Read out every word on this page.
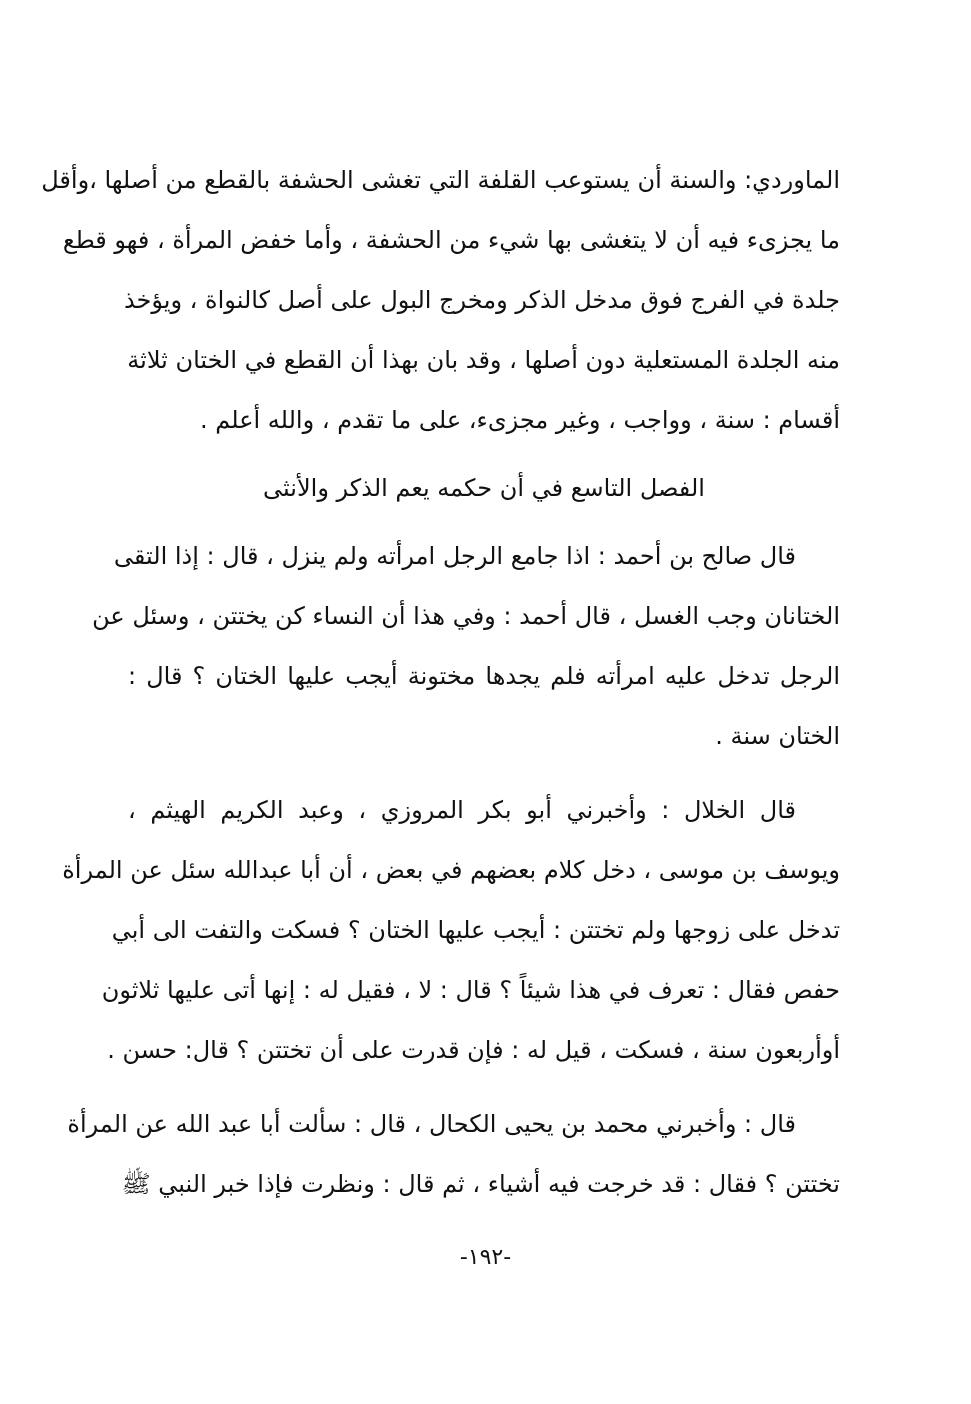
الماوردي: والسنة أن يستوعب القلفة التي تغشى الحشفة بالقطع من أصلها ،وأقل
ما يجزىء فيه أن لا يتغشى بها شيء من الحشفة ، وأما خفض المرأة ، فهو قطع
جلدة في الفرج فوق مدخل الذكر ومخرج البول على أصل كالنواة ، ويؤخذ
منه الجلدة المستعلية دون أصلها ، وقد بان بهذا أن القطع في الختان ثلاثة
أقسام : سنة ، وواجب ، وغير مجزىء، على ما تقدم ، والله أعلم .
الفصل التاسع في أن حكمه يعم الذكر والأنثى
قال صالح بن أحمد : اذا جامع الرجل امرأته ولم ينزل ، قال : إذا التقى
الختانان وجب الغسل ، قال أحمد : وفي هذا أن النساء كن يختتن ، وسئل عن
الرجل تدخل عليه امرأته فلم يجدها مختونة أيجب عليها الختان ؟ قال :
الختان سنة .
قال الخلال : وأخبرني أبو بكر المروزي ، وعبد الكريم الهيثم ،
ويوسف بن موسى ، دخل كلام بعضهم في بعض ، أن أبا عبدالله سئل عن المرأة
تدخل على زوجها ولم تختتن : أيجب عليها الختان ؟ فسكت والتفت الى أبي
حفص فقال : تعرف في هذا شيئاً ؟ قال : لا ، فقيل له : إنها أتى عليها ثلاثون
أوأربعون سنة ، فسكت ، قيل له : فإن قدرت على أن تختتن ؟ قال: حسن .
قال : وأخبرني محمد بن يحيى الكحال ، قال : سألت أبا عبد الله عن المرأة
تختتن ؟ فقال : قد خرجت فيه أشياء ، ثم قال : ونظرت فإذا خبر النبي ﷺ
-١٩٢-
